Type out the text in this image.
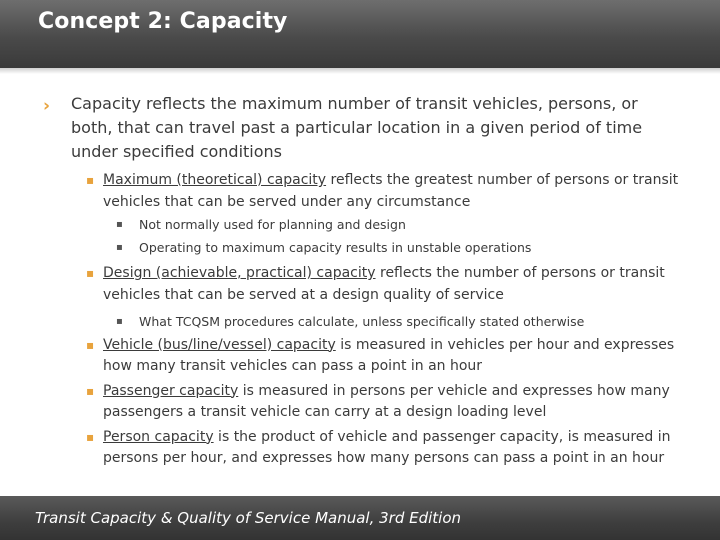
Concept 2: Capacity
› Capacity reflects the maximum number of transit vehicles, persons, or both, that can travel past a particular location in a given period of time under specified conditions
▪ Maximum (theoretical) capacity reflects the greatest number of persons or transit vehicles that can be served under any circumstance
▪ Not normally used for planning and design
▪ Operating to maximum capacity results in unstable operations
▪ Design (achievable, practical) capacity reflects the number of persons or transit vehicles that can be served at a design quality of service
▪ What TCQSM procedures calculate, unless specifically stated otherwise
▪ Vehicle (bus/line/vessel) capacity is measured in vehicles per hour and expresses how many transit vehicles can pass a point in an hour
▪ Passenger capacity is measured in persons per vehicle and expresses how many passengers a transit vehicle can carry at a design loading level
▪ Person capacity is the product of vehicle and passenger capacity, is measured in persons per hour, and expresses how many persons can pass a point in an hour
Transit Capacity & Quality of Service Manual, 3rd Edition
